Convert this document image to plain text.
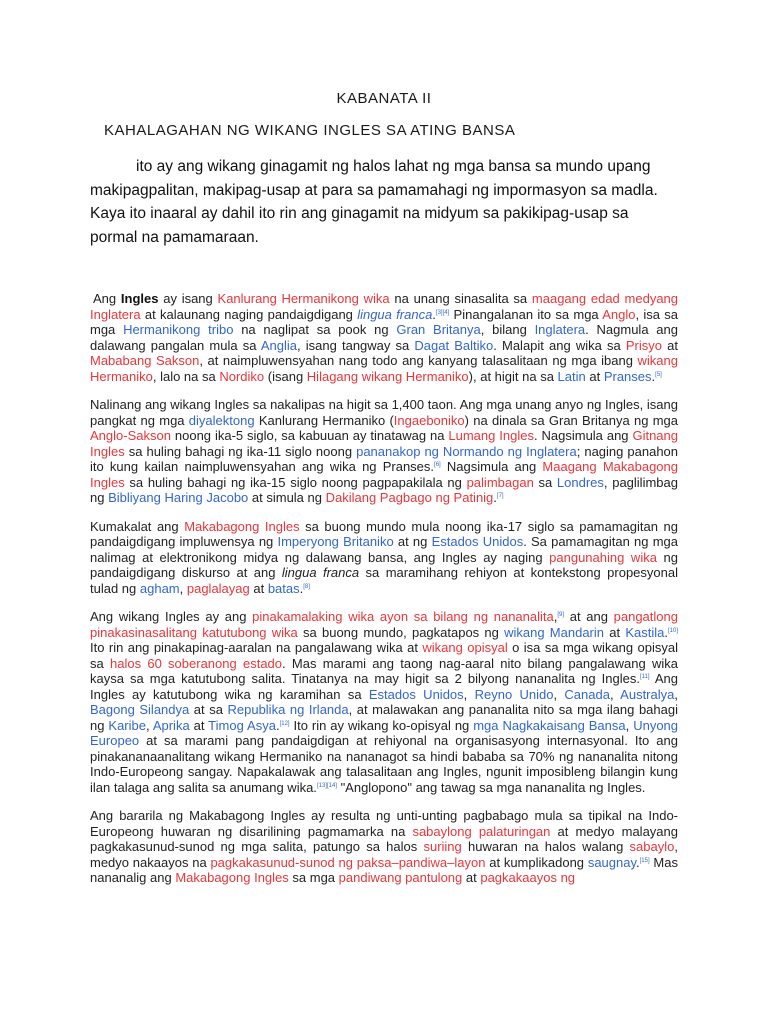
KABANATA II
KAHALAGAHAN NG WIKANG INGLES SA ATING BANSA

ito ay ang wikang ginagamit ng halos lahat ng mga bansa sa mundo upang makipagpalitan, makipag-usap at para sa pamamahagi ng impormasyon sa madla. Kaya ito inaaral ay dahil ito rin ang ginagamit na midyum sa pakikipag-usap sa pormal na pamamaraan.

Ang Ingles ay isang Kanlurang Hermanikong wika na unang sinasalita sa maagang edad medyang Inglatera at kalaunang naging pandaigdigang lingua franca.[3][4] Pinangalanan ito sa mga Anglo, isa sa mga Hermanikong tribo na naglipat sa pook ng Gran Britanya, bilang Inglatera. Nagmula ang dalawang pangalan mula sa Anglia, isang tangway sa Dagat Baltiko. Malapit ang wika sa Prisyo at Mababang Sakson, at naimpluwensyahan nang todo ang kanyang talasalitaan ng mga ibang wikang Hermaniko, lalo na sa Nordiko (isang Hilagang wikang Hermaniko), at higit na sa Latin at Pranses.[5]

Nalinang ang wikang Ingles sa nakalipas na higit sa 1,400 taon. Ang mga unang anyo ng Ingles, isang pangkat ng mga diyalektong Kanlurang Hermaniko (Ingaeboniko) na dinala sa Gran Britanya ng mga Anglo-Sakson noong ika-5 siglo, sa kabuuan ay tinatawag na Lumang Ingles. Nagsimula ang Gitnang Ingles sa huling bahagi ng ika-11 siglo noong pananakop ng Normando ng Inglatera; naging panahon ito kung kailan naimpluwensyahan ang wika ng Pranses.[6] Nagsimula ang Maagang Makabagong Ingles sa huling bahagi ng ika-15 siglo noong pagpapakilala ng palimbagan sa Londres, paglilimbag ng Bibliyang Haring Jacobo at simula ng Dakilang Pagbago ng Patinig.[7]

Kumakalat ang Makabagong Ingles sa buong mundo mula noong ika-17 siglo sa pamamagitan ng pandaigdigang impluwensya ng Imperyong Britaniko at ng Estados Unidos. Sa pamamagitan ng mga nalimag at elektronikong midya ng dalawang bansa, ang Ingles ay naging pangunahing wika ng pandaigdigang diskurso at ang lingua franca sa maramihang rehiyon at kontekstong propesyonal tulad ng agham, paglalayag at batas.[8]

Ang wikang Ingles ay ang pinakamalaking wika ayon sa bilang ng nananalita,[9] at ang pangatlong pinakasinasalitang katutubong wika sa buong mundo, pagkatapos ng wikang Mandarin at Kastila.[10] Ito rin ang pinakapinag-aaralan na pangalawang wika at wikang opisyal o isa sa mga wikang opisyal sa halos 60 soberanong estado. Mas marami ang taong nag-aaral nito bilang pangalawang wika kaysa sa mga katutubong salita. Tinatanya na may higit sa 2 bilyong nananalita ng Ingles.[11] Ang Ingles ay katutubong wika ng karamihan sa Estados Unidos, Reyno Unido, Canada, Australya, Bagong Silandya at sa Republika ng Irlanda, at malawakan ang pananalita nito sa mga ilang bahagi ng Karibe, Aprika at Timog Asya.[12] Ito rin ay wikang ko-opisyal ng mga Nagkakaisang Bansa, Unyong Europeo at sa marami pang pandaigdigan at rehiyonal na organisasyong internasyonal. Ito ang pinakananaanalitang wikang Hermaniko na nananagot sa hindi bababa sa 70% ng nananalita nitong Indo-Europeong sangay. Napakalawak ang talasalitaan ang Ingles, ngunit imposibleng bilangin kung ilan talaga ang salita sa anumang wika.[13][14] "Anglopono" ang tawag sa mga nananalita ng Ingles.

Ang bararila ng Makabagong Ingles ay resulta ng unti-unting pagbabago mula sa tipikal na Indo-Europeong huwaran ng disarilining pagmamarka na sabaylong palaturingan at medyo malayang pagkakasunud-sunod ng mga salita, patungo sa halos suriing huwaran na halos walang sabaylo, medyo nakaayos na pagkakasunud-sunod ng paksa–pandiwa–layon at kumplikadong saugnay.[15] Mas nananalig ang Makabagong Ingles sa mga pandiwang pantulong at pagkakaayos ng
